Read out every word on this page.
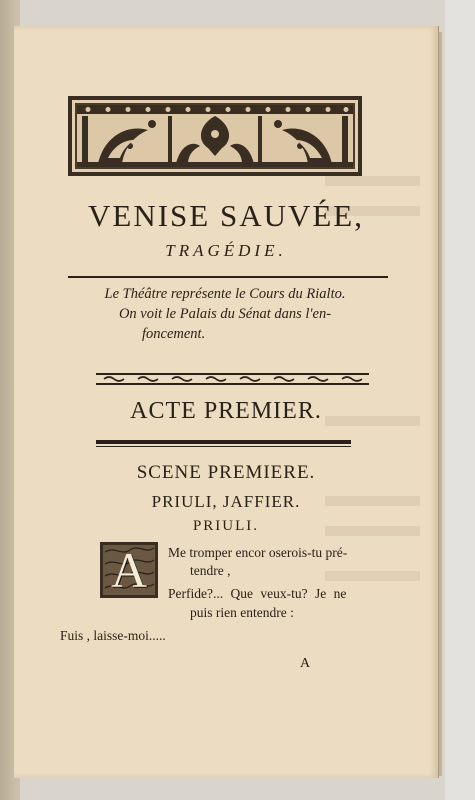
VENISE SAUVÉE,

TRAGÉDIE.

Le Théâtre représente le Cours du Rialto.
On voit le Palais du Sénat dans l'en-
foncement.
ACTE PREMIER.
SCENE PREMIERE.
PRIULI, JAFFIER.
PRIULI.
A	Me tromper encor oserois-tu pré-
tendre ,
Perfide?... Que veux-tu? Je ne
puis rien entendre :
Fuis , laisse-moi.....
A
